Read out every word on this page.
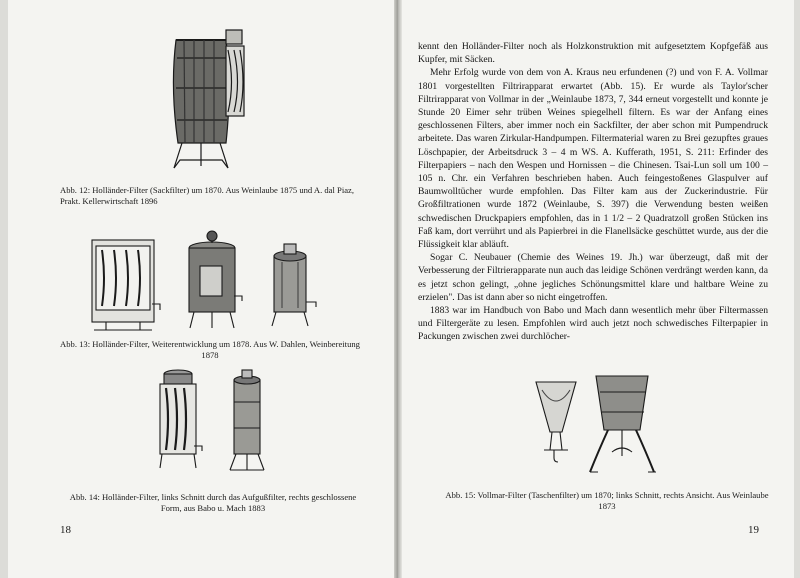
Abb. 12: Holländer-Filter (Sackfilter) um 1870. Aus Weinlaube 1875 und A. dal Piaz, Prakt. Kellerwirtschaft 1896
Abb. 13: Holländer-Filter, Weiterentwicklung um 1878. Aus W. Dahlen, Weinbereitung 1878
Abb. 14: Holländer-Filter, links Schnitt durch das Aufgußfilter, rechts geschlossene Form, aus Babo u. Mach 1883
18

kennt den Holländer-Filter noch als Holzkonstruktion mit aufgesetztem Kopfgefäß aus Kupfer, mit Säcken.

Mehr Erfolg wurde von dem von A. Kraus neu erfundenen (?) und von F. A. Vollmar 1801 vorgestellten Filtrirapparat erwartet (Abb. 15). Er wurde als Taylor'scher Filtrirapparat von Vollmar in der „Weinlaube 1873, 7, 344 erneut vorgestellt und konnte je Stunde 20 Eimer sehr trüben Weines spiegelhell filtern. Es war der Anfang eines geschlossenen Filters, aber immer noch ein Sackfilter, der aber schon mit Pumpendruck arbeitete. Das waren Zirkular-Handpumpen. Filtermaterial waren zu Brei gezupftes graues Löschpapier, der Arbeitsdruck 3 – 4 m WS. A. Kufferath, 1951, S. 211: Erfinder des Filterpapiers – nach den Wespen und Hornissen – die Chinesen. Tsai-Lun soll um 100 – 105 n. Chr. ein Verfahren beschrieben haben. Auch feingestoßenes Glaspulver auf Baumwolltücher wurde empfohlen. Das Filter kam aus der Zuckerindustrie. Für Großfiltrationen wurde 1872 (Weinlaube, S. 397) die Verwendung besten weißen schwedischen Druckpapiers empfohlen, das in 1 1/2 – 2 Quadratzoll großen Stücken ins Faß kam, dort verrührt und als Papierbrei in die Flanellsäcke geschüttet wurde, aus der die Flüssigkeit klar abläuft.

Sogar C. Neubauer (Chemie des Weines 19. Jh.) war überzeugt, daß mit der Verbesserung der Filtrierapparate nun auch das leidige Schönen verdrängt werden kann, da es jetzt schon gelingt, „ohne jegliches Schönungsmittel klare und haltbare Weine zu erzielen". Das ist dann aber so nicht eingetroffen.

1883 war im Handbuch von Babo und Mach dann wesentlich mehr über Filtermassen und Filtergeräte zu lesen. Empfohlen wird auch jetzt noch schwedisches Filterpapier in Packungen zwischen zwei durchlöcher-

Abb. 15: Vollmar-Filter (Taschenfilter) um 1870; links Schnitt, rechts Ansicht. Aus Weinlaube 1873
19
